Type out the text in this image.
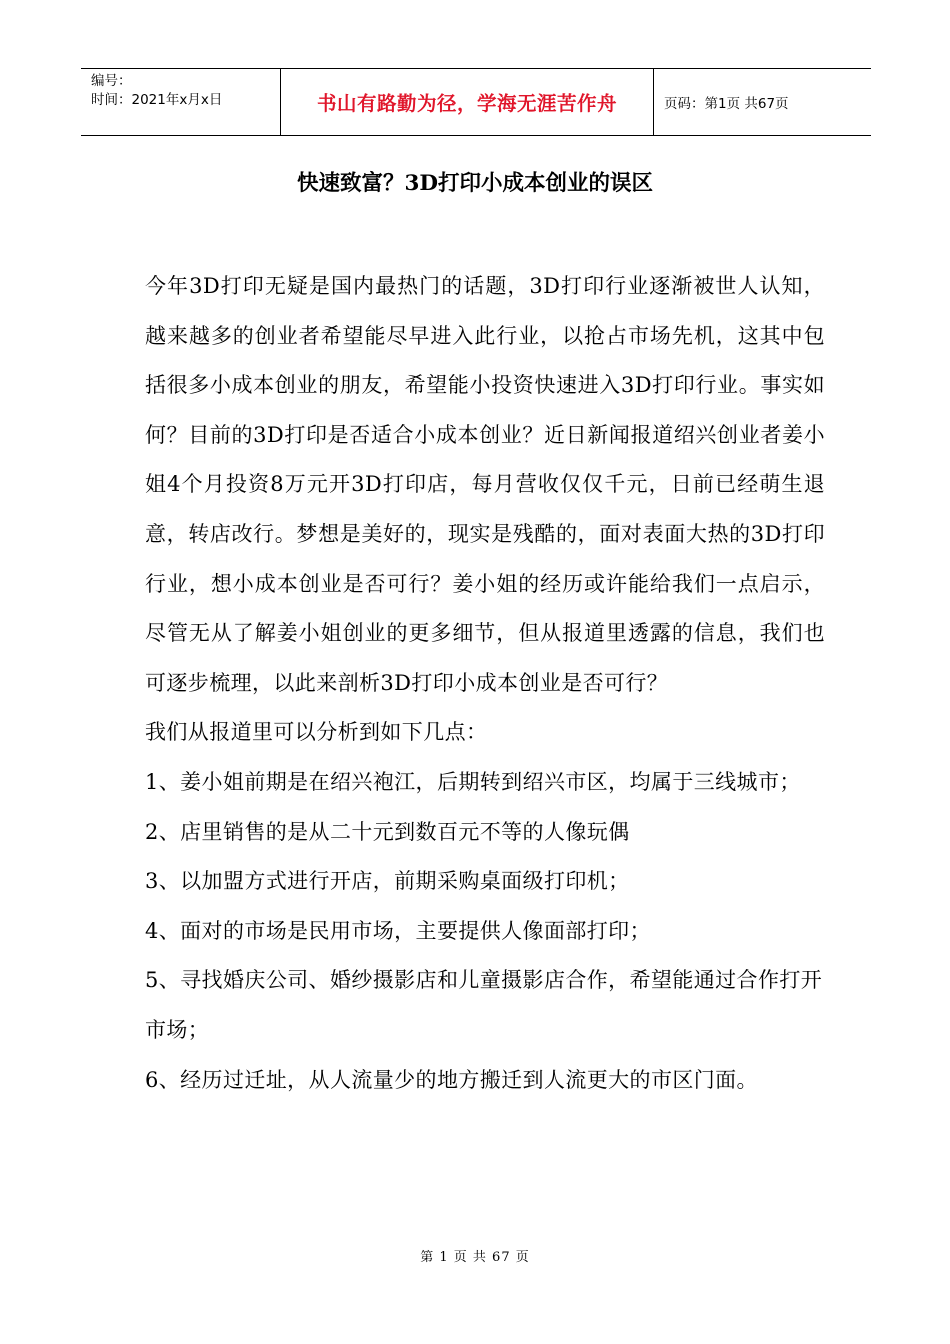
编号：
时间：2021年x月x日	书山有路勤为径，学海无涯苦作舟	页码：第1页 共67页
快速致富？3D打印小成本创业的误区

今年3D打印无疑是国内最热门的话题，3D打印行业逐渐被世人认知，越来越多的创业者希望能尽早进入此行业，以抢占市场先机，这其中包括很多小成本创业的朋友，希望能小投资快速进入3D打印行业。事实如何？目前的3D打印是否适合小成本创业？近日新闻报道绍兴创业者姜小姐4个月投资8万元开3D打印店，每月营收仅仅千元，日前已经萌生退意，转店改行。梦想是美好的，现实是残酷的，面对表面大热的3D打印行业，想小成本创业是否可行？姜小姐的经历或许能给我们一点启示，尽管无从了解姜小姐创业的更多细节，但从报道里透露的信息，我们也可逐步梳理，以此来剖析3D打印小成本创业是否可行？

我们从报道里可以分析到如下几点：

1、姜小姐前期是在绍兴袍江，后期转到绍兴市区，均属于三线城市；

2、店里销售的是从二十元到数百元不等的人像玩偶

3、以加盟方式进行开店，前期采购桌面级打印机；

4、面对的市场是民用市场，主要提供人像面部打印；

5、寻找婚庆公司、婚纱摄影店和儿童摄影店合作，希望能通过合作打开市场；

6、经历过迁址，从人流量少的地方搬迁到人流更大的市区门面。

第 1 页 共 67 页
